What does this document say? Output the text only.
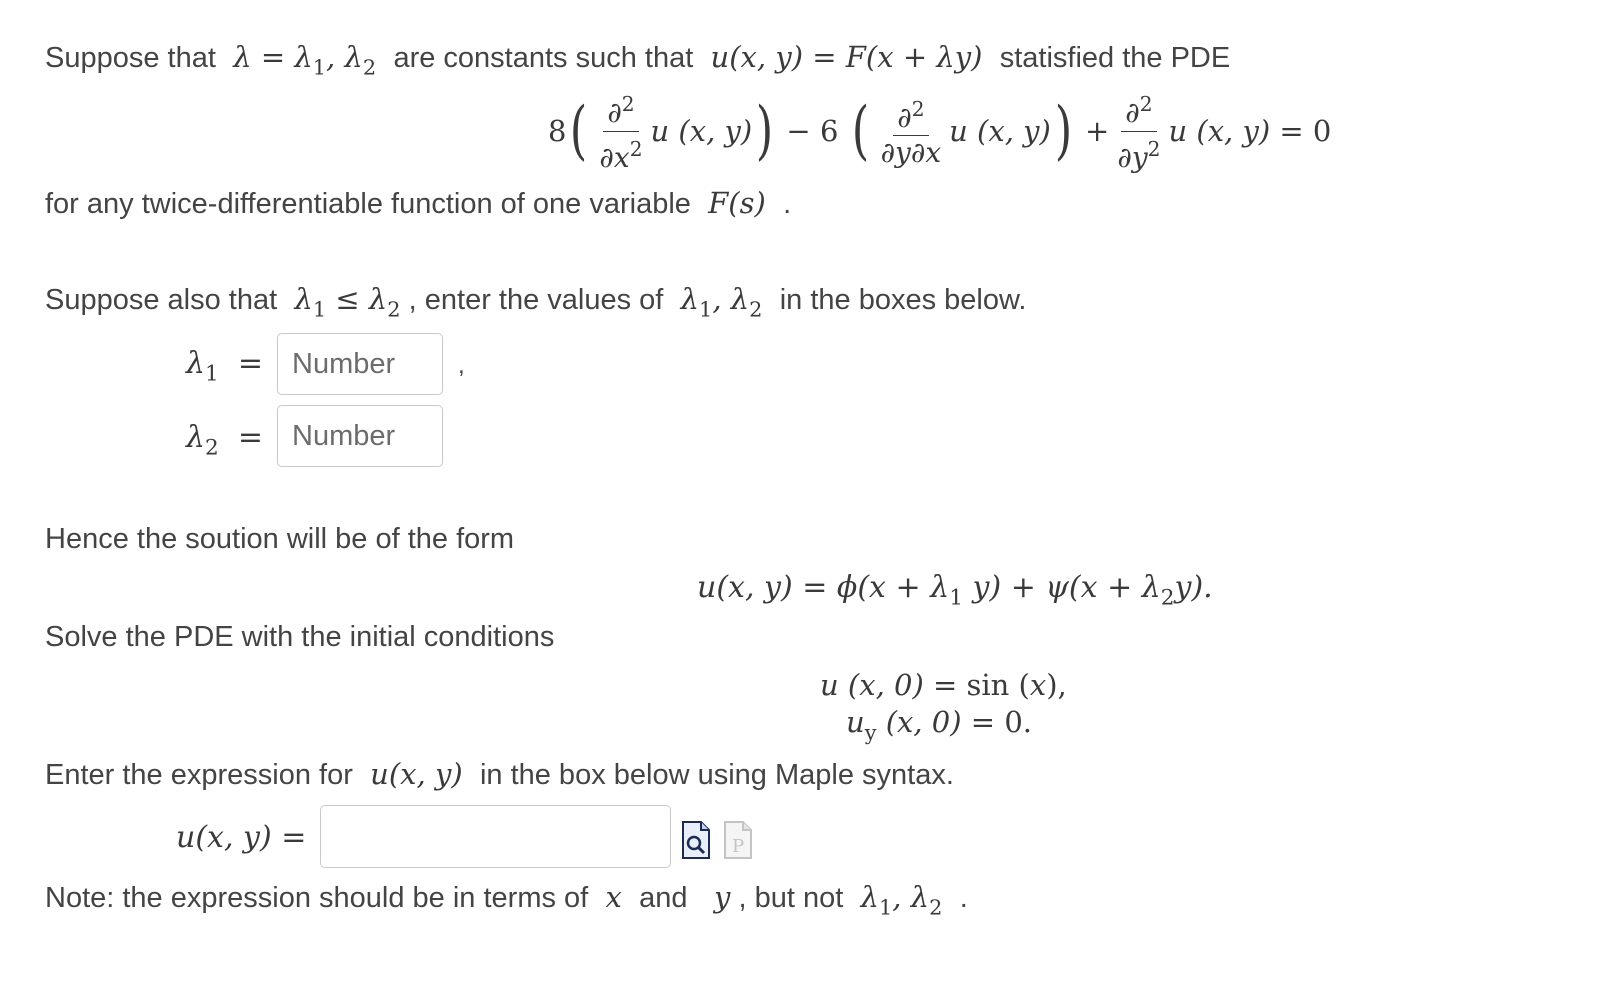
Suppose that  $\lambda = \lambda_1$, $\lambda_2$ are constants such that  u(x, y) = F(x + λy)  statisfied the PDE
8 ( $\frac{\partial^2}{\partial x^2}$ u (x, y) ) − 6 ( $\frac{\partial^2}{\partial y\partial x}$ u (x, y) ) + $\frac{\partial^2}{\partial y^2}$ u (x, y) = 0
for any twice-differentiable function of one variable  F(s)  .
Suppose also that  $\lambda_1 \le \lambda_2$ , enter the values of  $\lambda_1$, $\lambda_2$ in the boxes below.
$\lambda_1$  =
Number	,
$\lambda_2$  =
Number
Hence the soution will be of the form
u(x, $y) = \phi(x + \lambda_1$ $y) + \psi(x + \lambda_2y)$.
Solve the PDE with the initial conditions
u (x, 0) = sin (x),
$u_y$ (x, 0) = 0.
Enter the expression for  u(x, y)  in the box below using Maple syntax.
u(x, y) =	P
Note: the expression should be in terms of  x  and   y , but not  $\lambda_1$, $\lambda_2$ .
